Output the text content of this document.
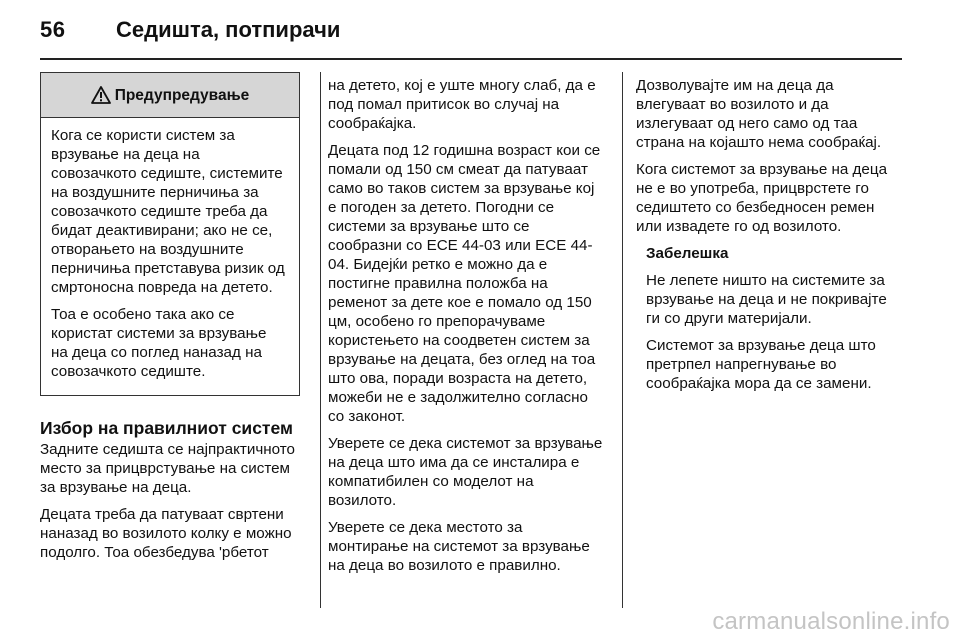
56 Седишта, потпирачи
Предупредување

Кога се користи систем за врзување на деца на совозачкото седиште, системите на воздушните перничиња за совозачкото седиште треба да бидат деактивирани; ако не се, отворањето на воздушните перничиња претставува ризик од смртоносна повреда на детето.

Тоа е особено така ако се користат системи за врзување на деца со поглед наназад на совозачкото седиште.

Избор на правилниот систем

Задните седишта се најпрактичното место за прицврстување на систем за врзување на деца.

Децата треба да патуваат свртени наназад во возилото колку е можно подолго. Тоа обезбедува 'рбетот

на детето, кој е уште многу слаб, да е под помал притисок во случај на сообраќајка.

Децата под 12 годишна возраст кои се помали од 150 см смеат да патуваат само во таков систем за врзување кој е погоден за детето. Погодни се системи за врзување што се сообразни со ECE 44-03 или ECE 44-04. Бидејќи ретко е можно да е постигне правилна положба на ременот за дете кое е помало од 150 цм, особено го препорачуваме користењето на соодветен систем за врзување на децата, без оглед на тоа што ова, поради возраста на детето, можеби не е задолжително согласно со законот.

Уверете се дека системот за врзување на деца што има да се инсталира е компатибилен со моделот на возилото.

Уверете се дека местото за монтирање на системот за врзување на деца во возилото е правилно.

Дозволувајте им на деца да влегуваат во возилото и да излегуваат од него само од таа страна на којашто нема сообраќај.

Кога системот за врзување на деца не е во употреба, прицврстете го седиштето со безбедносен ремен или извадете го од возилото.

Забелешка

Не лепете ништо на системите за врзување на деца и не покривајте ги со други материјали.

Системот за врзување деца што претрпел напрегнување во сообраќајка мора да се замени.

carmanualsonline.info
